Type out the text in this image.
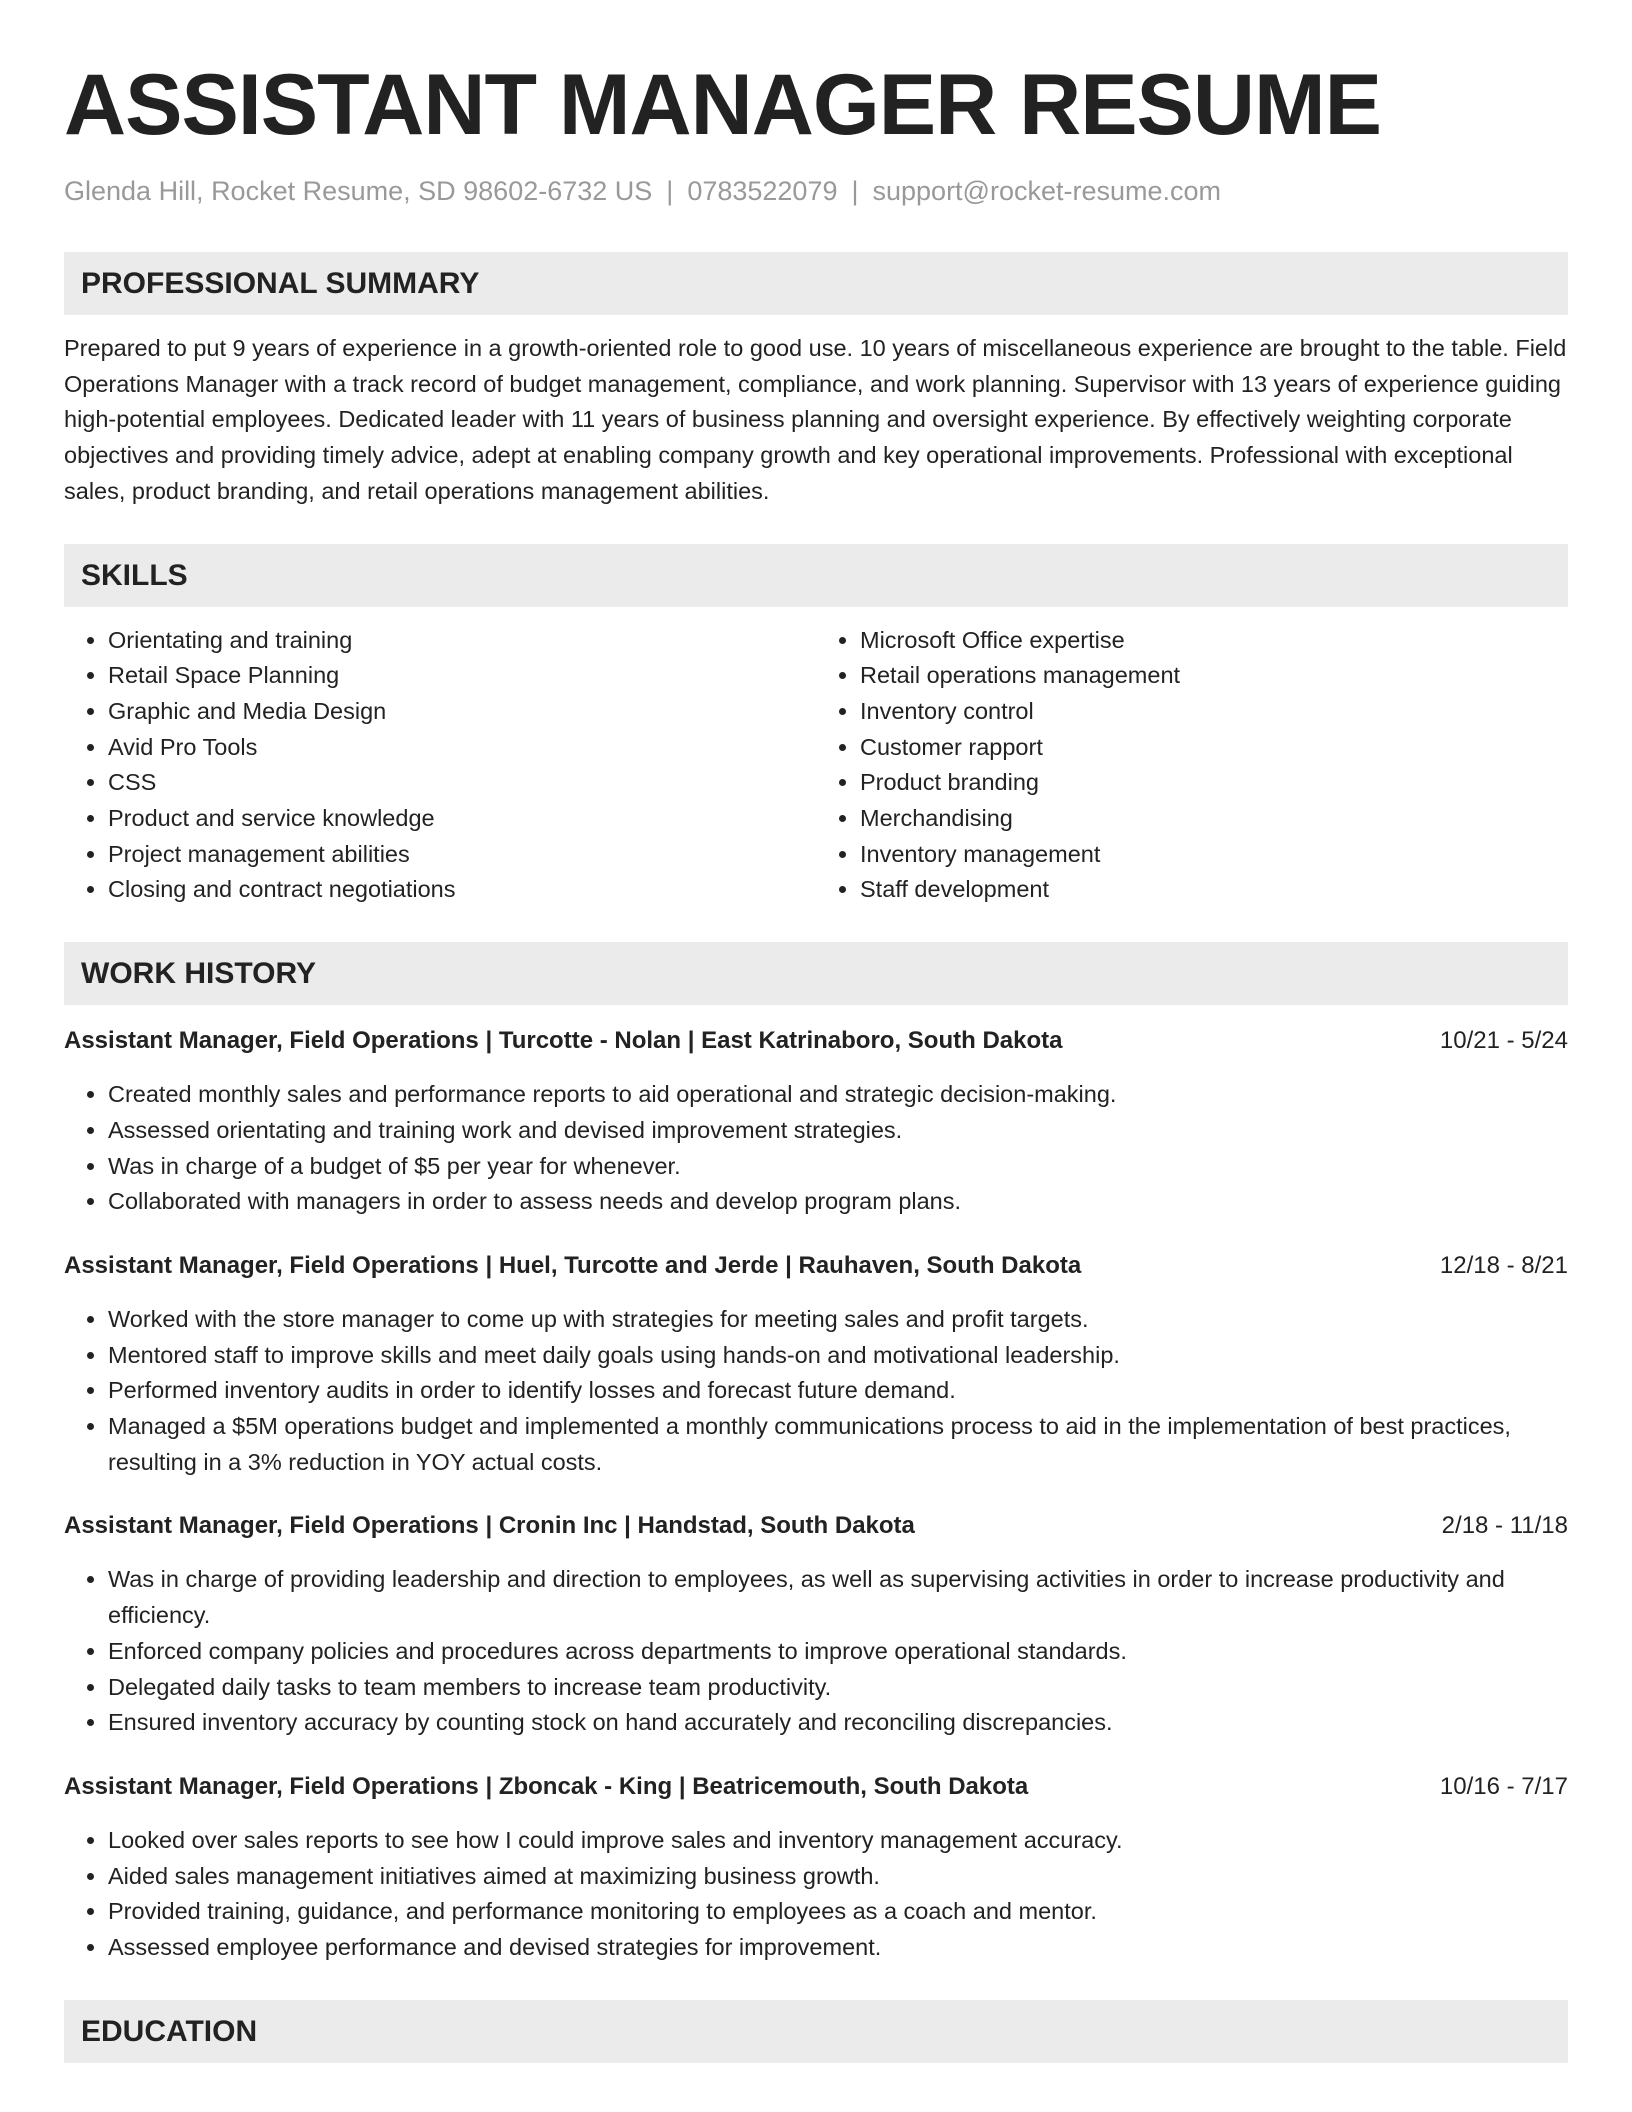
ASSISTANT MANAGER RESUME
Glenda Hill, Rocket Resume, SD 98602-6732 US | 0783522079 | support@rocket-resume.com
PROFESSIONAL SUMMARY
Prepared to put 9 years of experience in a growth-oriented role to good use. 10 years of miscellaneous experience are brought to the table. Field Operations Manager with a track record of budget management, compliance, and work planning. Supervisor with 13 years of experience guiding high-potential employees. Dedicated leader with 11 years of business planning and oversight experience. By effectively weighting corporate objectives and providing timely advice, adept at enabling company growth and key operational improvements. Professional with exceptional sales, product branding, and retail operations management abilities.
SKILLS
• Orientating and training
• Retail Space Planning
• Graphic and Media Design
• Avid Pro Tools
• CSS
• Product and service knowledge
• Project management abilities
• Closing and contract negotiations
• Microsoft Office expertise
• Retail operations management
• Inventory control
• Customer rapport
• Product branding
• Merchandising
• Inventory management
• Staff development
WORK HISTORY
Assistant Manager, Field Operations | Turcotte - Nolan | East Katrinaboro, South Dakota	10/21 - 5/24
• Created monthly sales and performance reports to aid operational and strategic decision-making.
• Assessed orientating and training work and devised improvement strategies.
• Was in charge of a budget of $5 per year for whenever.
• Collaborated with managers in order to assess needs and develop program plans.
Assistant Manager, Field Operations | Huel, Turcotte and Jerde | Rauhaven, South Dakota	12/18 - 8/21
• Worked with the store manager to come up with strategies for meeting sales and profit targets.
• Mentored staff to improve skills and meet daily goals using hands-on and motivational leadership.
• Performed inventory audits in order to identify losses and forecast future demand.
• Managed a $5M operations budget and implemented a monthly communications process to aid in the implementation of best practices, resulting in a 3% reduction in YOY actual costs.
Assistant Manager, Field Operations | Cronin Inc | Handstad, South Dakota	2/18 - 11/18
• Was in charge of providing leadership and direction to employees, as well as supervising activities in order to increase productivity and efficiency.
• Enforced company policies and procedures across departments to improve operational standards.
• Delegated daily tasks to team members to increase team productivity.
• Ensured inventory accuracy by counting stock on hand accurately and reconciling discrepancies.
Assistant Manager, Field Operations | Zboncak - King | Beatricemouth, South Dakota	10/16 - 7/17
• Looked over sales reports to see how I could improve sales and inventory management accuracy.
• Aided sales management initiatives aimed at maximizing business growth.
• Provided training, guidance, and performance monitoring to employees as a coach and mentor.
• Assessed employee performance and devised strategies for improvement.
EDUCATION
